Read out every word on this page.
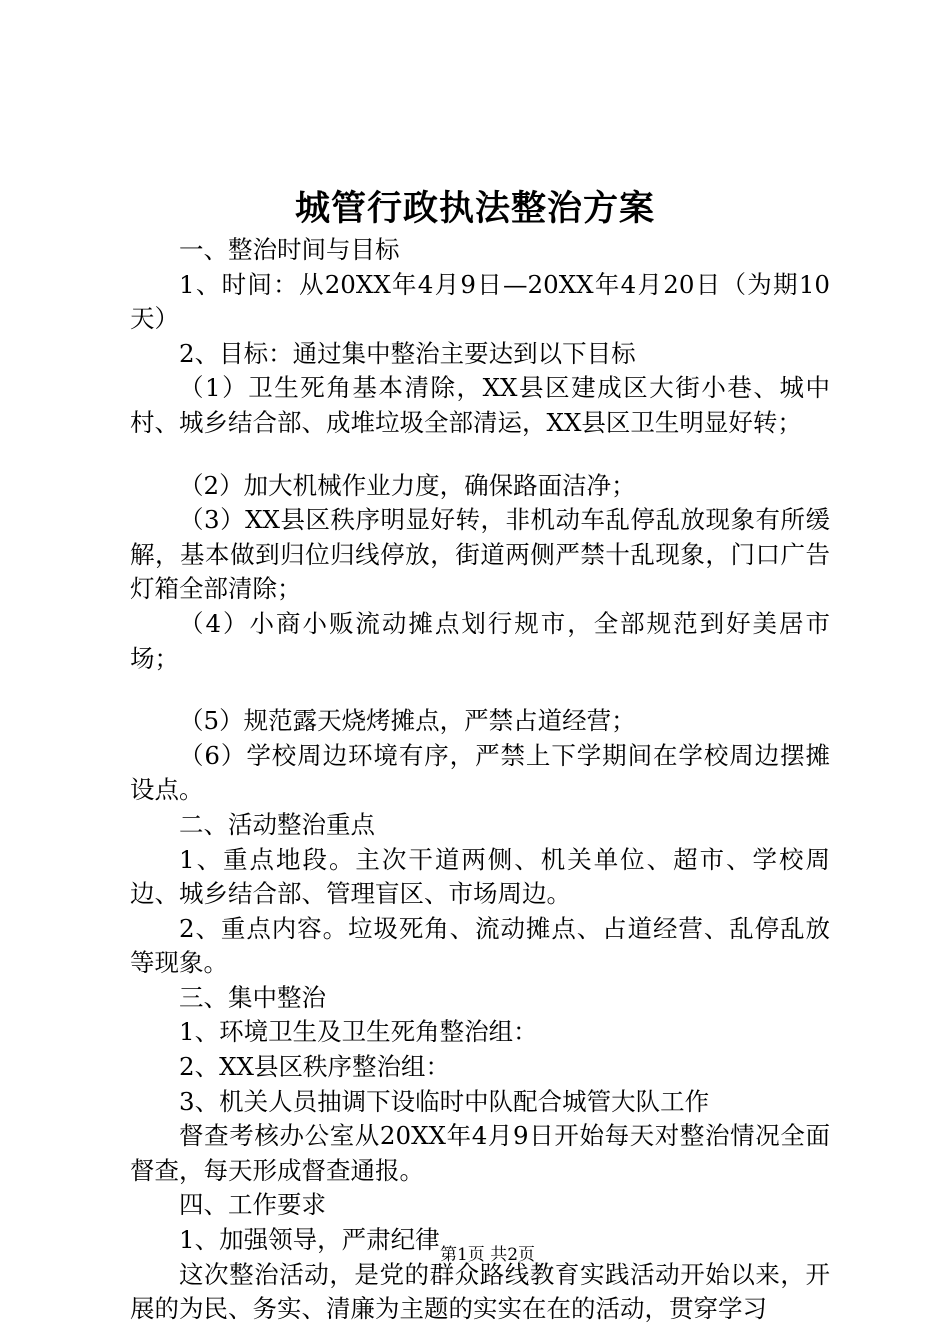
城管行政执法整治方案

一、整治时间与目标

1、时间：从20XX年4月9日—20XX年4月20日（为期10天）

2、目标：通过集中整治主要达到以下目标

（1）卫生死角基本清除，XX县区建成区大街小巷、城中村、城乡结合部、成堆垃圾全部清运，XX县区卫生明显好转；

（2）加大机械作业力度，确保路面洁净；

（3）XX县区秩序明显好转，非机动车乱停乱放现象有所缓解，基本做到归位归线停放，街道两侧严禁十乱现象，门口广告灯箱全部清除；

（4）小商小贩流动摊点划行规市，全部规范到好美居市场；

（5）规范露天烧烤摊点，严禁占道经营；

（6）学校周边环境有序，严禁上下学期间在学校周边摆摊设点。

二、活动整治重点

1、重点地段。主次干道两侧、机关单位、超市、学校周边、城乡结合部、管理盲区、市场周边。

2、重点内容。垃圾死角、流动摊点、占道经营、乱停乱放等现象。

三、集中整治

1、环境卫生及卫生死角整治组：

2、XX县区秩序整治组：

3、机关人员抽调下设临时中队配合城管大队工作

督查考核办公室从20XX年4月9日开始每天对整治情况全面督查，每天形成督查通报。

四、工作要求

1、加强领导，严肃纪律

这次整治活动，是党的群众路线教育实践活动开始以来，开展的为民、务实、清廉为主题的实实在在的活动，贯穿学习

第1页 共2页
